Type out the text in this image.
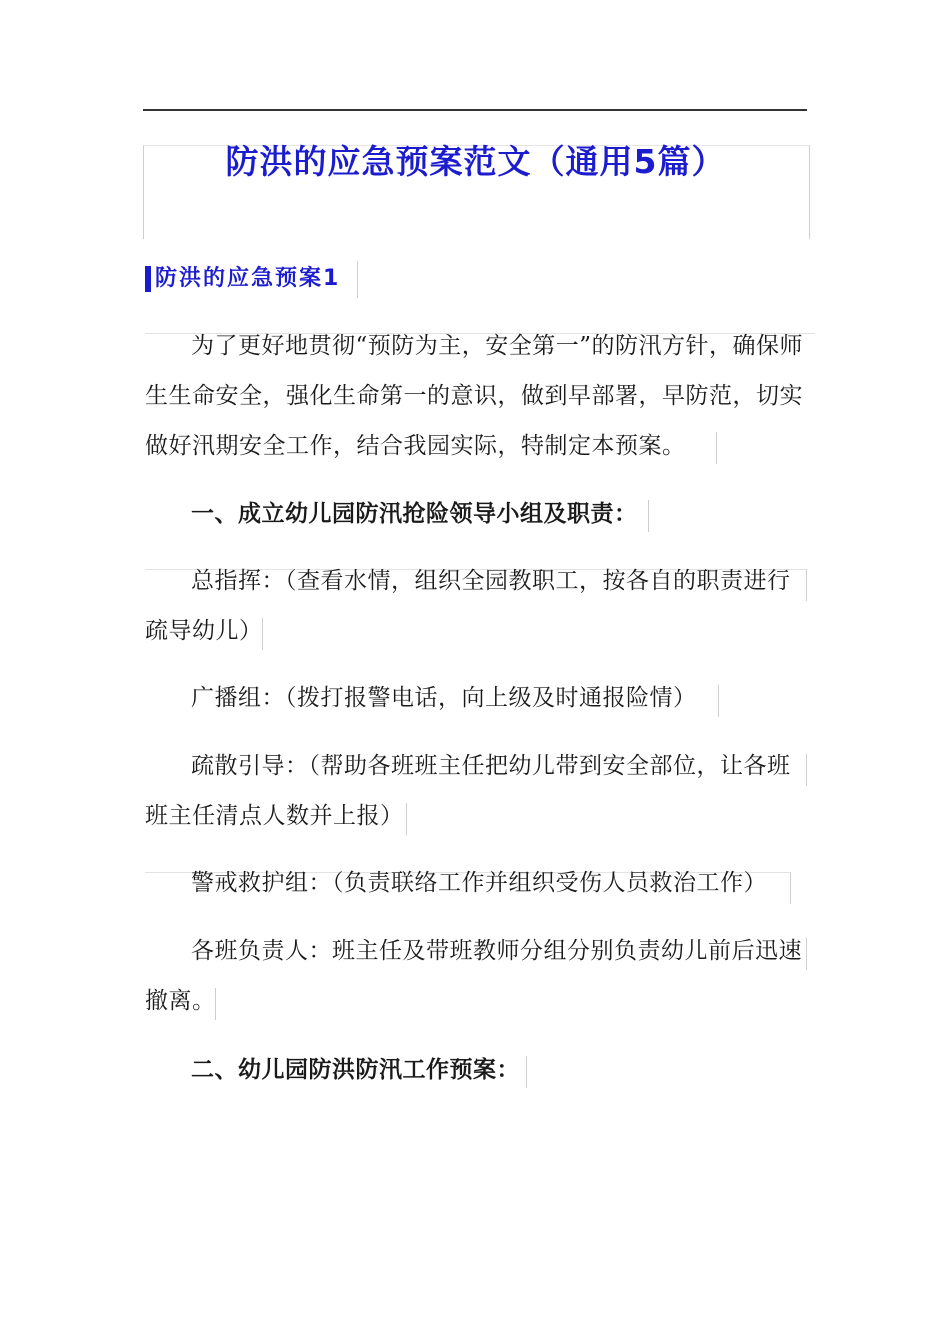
防洪的应急预案范文（通用5篇）
防洪的应急预案1
为了更好地贯彻“预防为主，安全第一”的防汛方针，确保师生生命安全，强化生命第一的意识，做到早部署，早防范，切实做好汛期安全工作，结合我园实际，特制定本预案。
一、成立幼儿园防汛抢险领导小组及职责：
总指挥：（查看水情，组织全园教职工，按各自的职责进行疏导幼儿）
广播组：（拨打报警电话，向上级及时通报险情）
疏散引导：（帮助各班班主任把幼儿带到安全部位，让各班班主任清点人数并上报）
警戒救护组：（负责联络工作并组织受伤人员救治工作）
各班负责人：班主任及带班教师分组分别负责幼儿前后迅速撤离。
二、幼儿园防洪防汛工作预案：
